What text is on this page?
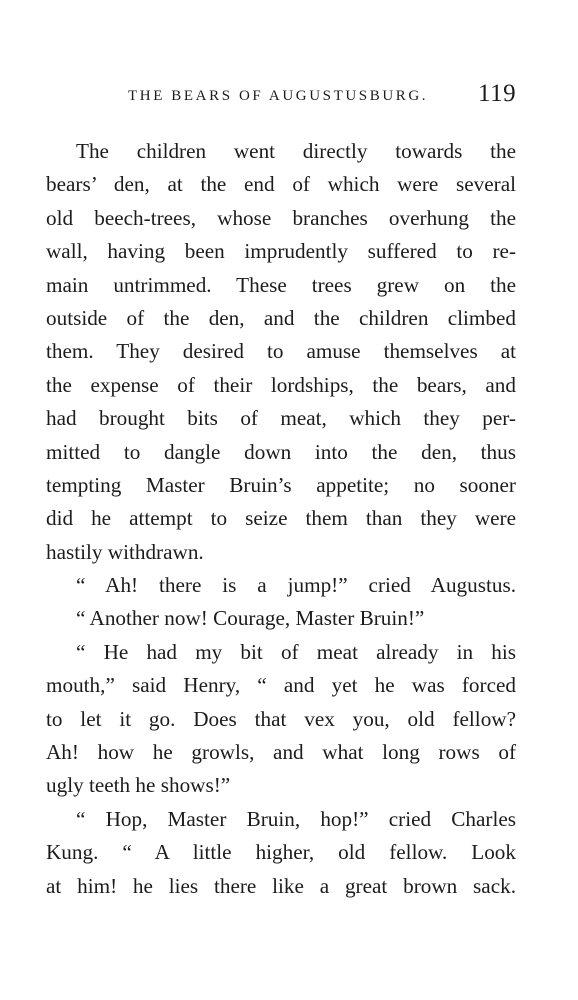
THE BEARS OF AUGUSTUSBURG. 119
The children went directly towards the
bears’ den, at the end of which were several
old beech-trees, whose branches overhung the
wall, having been imprudently suffered to re-
main untrimmed. These trees grew on the
outside of the den, and the children climbed
them. They desired to amuse themselves at
the expense of their lordships, the bears, and
had brought bits of meat, which they per-
mitted to dangle down into the den, thus
tempting Master Bruin’s appetite; no sooner
did he attempt to seize them than they were
hastily withdrawn.
“ Ah! there is a jump!” cried Augustus.
“ Another now! Courage, Master Bruin!”
“ He had my bit of meat already in his
mouth,” said Henry, “ and yet he was forced
to let it go. Does that vex you, old fellow?
Ah! how he growls, and what long rows of
ugly teeth he shows!”
“ Hop, Master Bruin, hop!” cried Charles
Kung. “ A little higher, old fellow. Look
at him! he lies there like a great brown sack.
